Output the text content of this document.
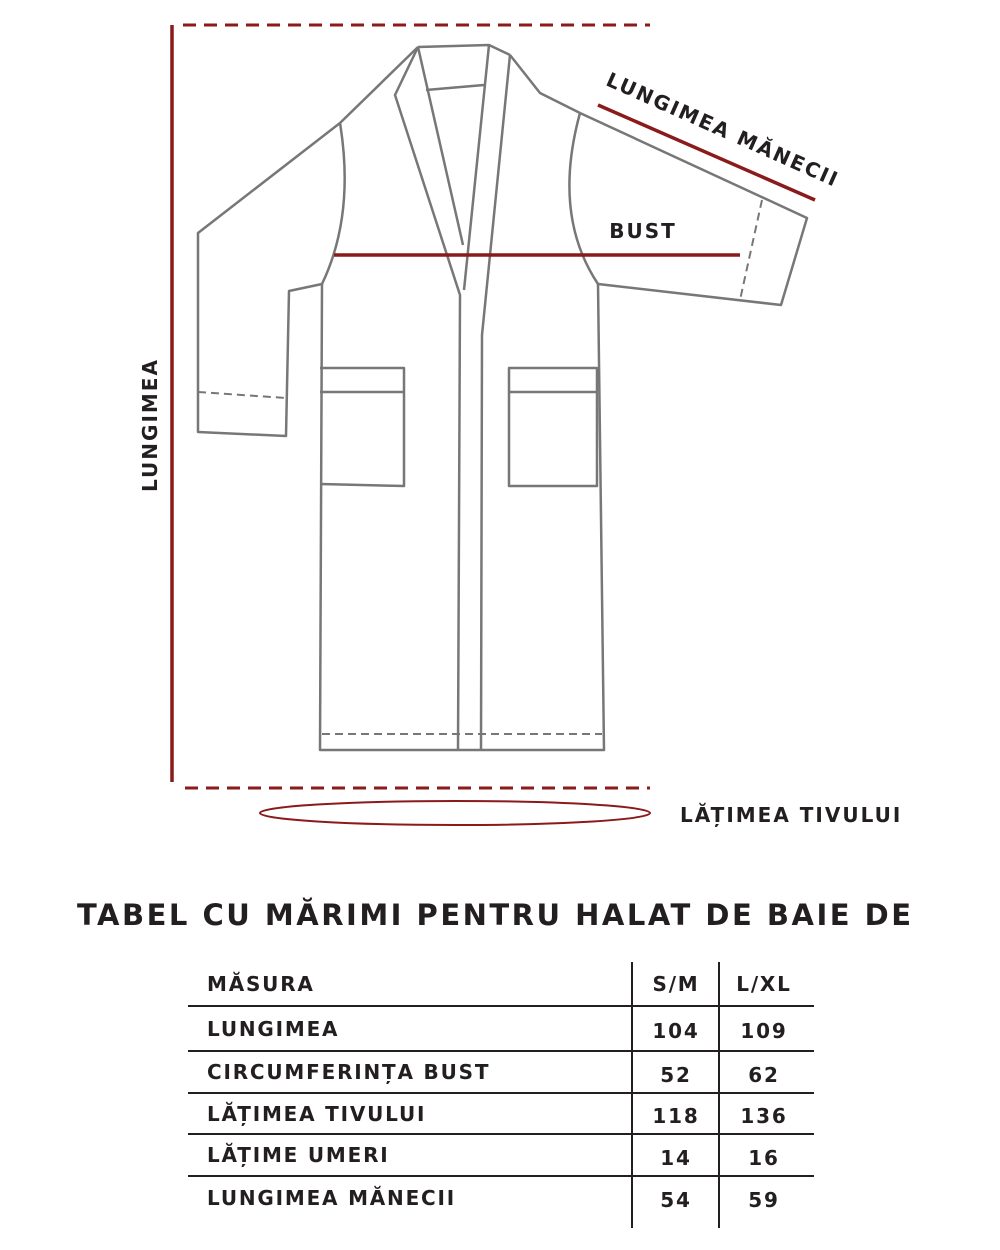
LUNGIMEA
LUNGIMEA MĂNECII
BUST
LĂȚIMEA TIVULUI
TABEL CU MĂRIMI PENTRU HALAT DE BAIE DE
MĂSURA	S/M	L/XL
LUNGIMEA	104	109
CIRCUMFERINȚA BUST	52	62
LĂȚIMEA TIVULUI	118	136
LĂȚIME UMERI	14	16
LUNGIMEA MĂNECII	54	59
